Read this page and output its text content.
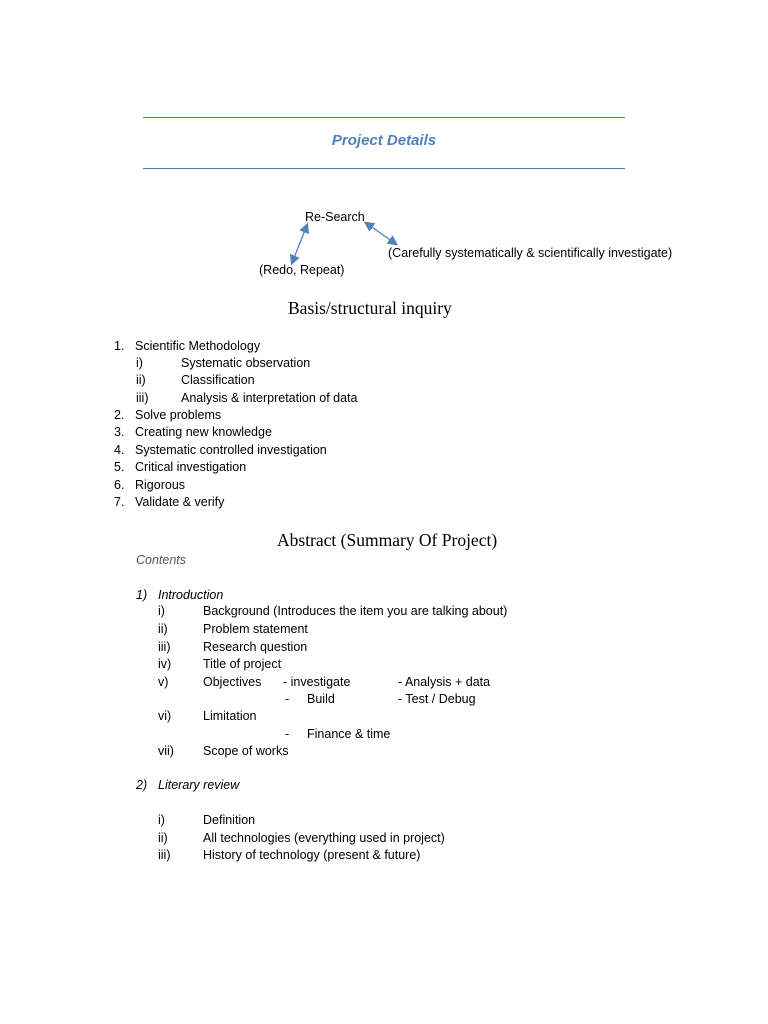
Project Details
Re-Search
(Carefully systematically & scientifically investigate)
(Redo, Repeat)
Basis/structural inquiry
1. Scientific Methodology
i)	Systematic observation
ii)	Classification
iii)	Analysis & interpretation of data
2. Solve problems
3. Creating new knowledge
4. Systematic controlled investigation
5. Critical investigation
6. Rigorous
7. Validate & verify
Abstract (Summary Of Project)
Contents
1) Introduction
i)	Background (Introduces the item you are talking about)
ii)	Problem statement
iii)	Research question
iv)	Title of project
v)	Objectives - investigate	- Analysis + data
- Build	- Test / Debug
vi)	Limitation
- Finance & time
vii) Scope of works
2) Literary review
i)	Definition
ii)	All technologies (everything used in project)
iii)	History of technology (present & future)
